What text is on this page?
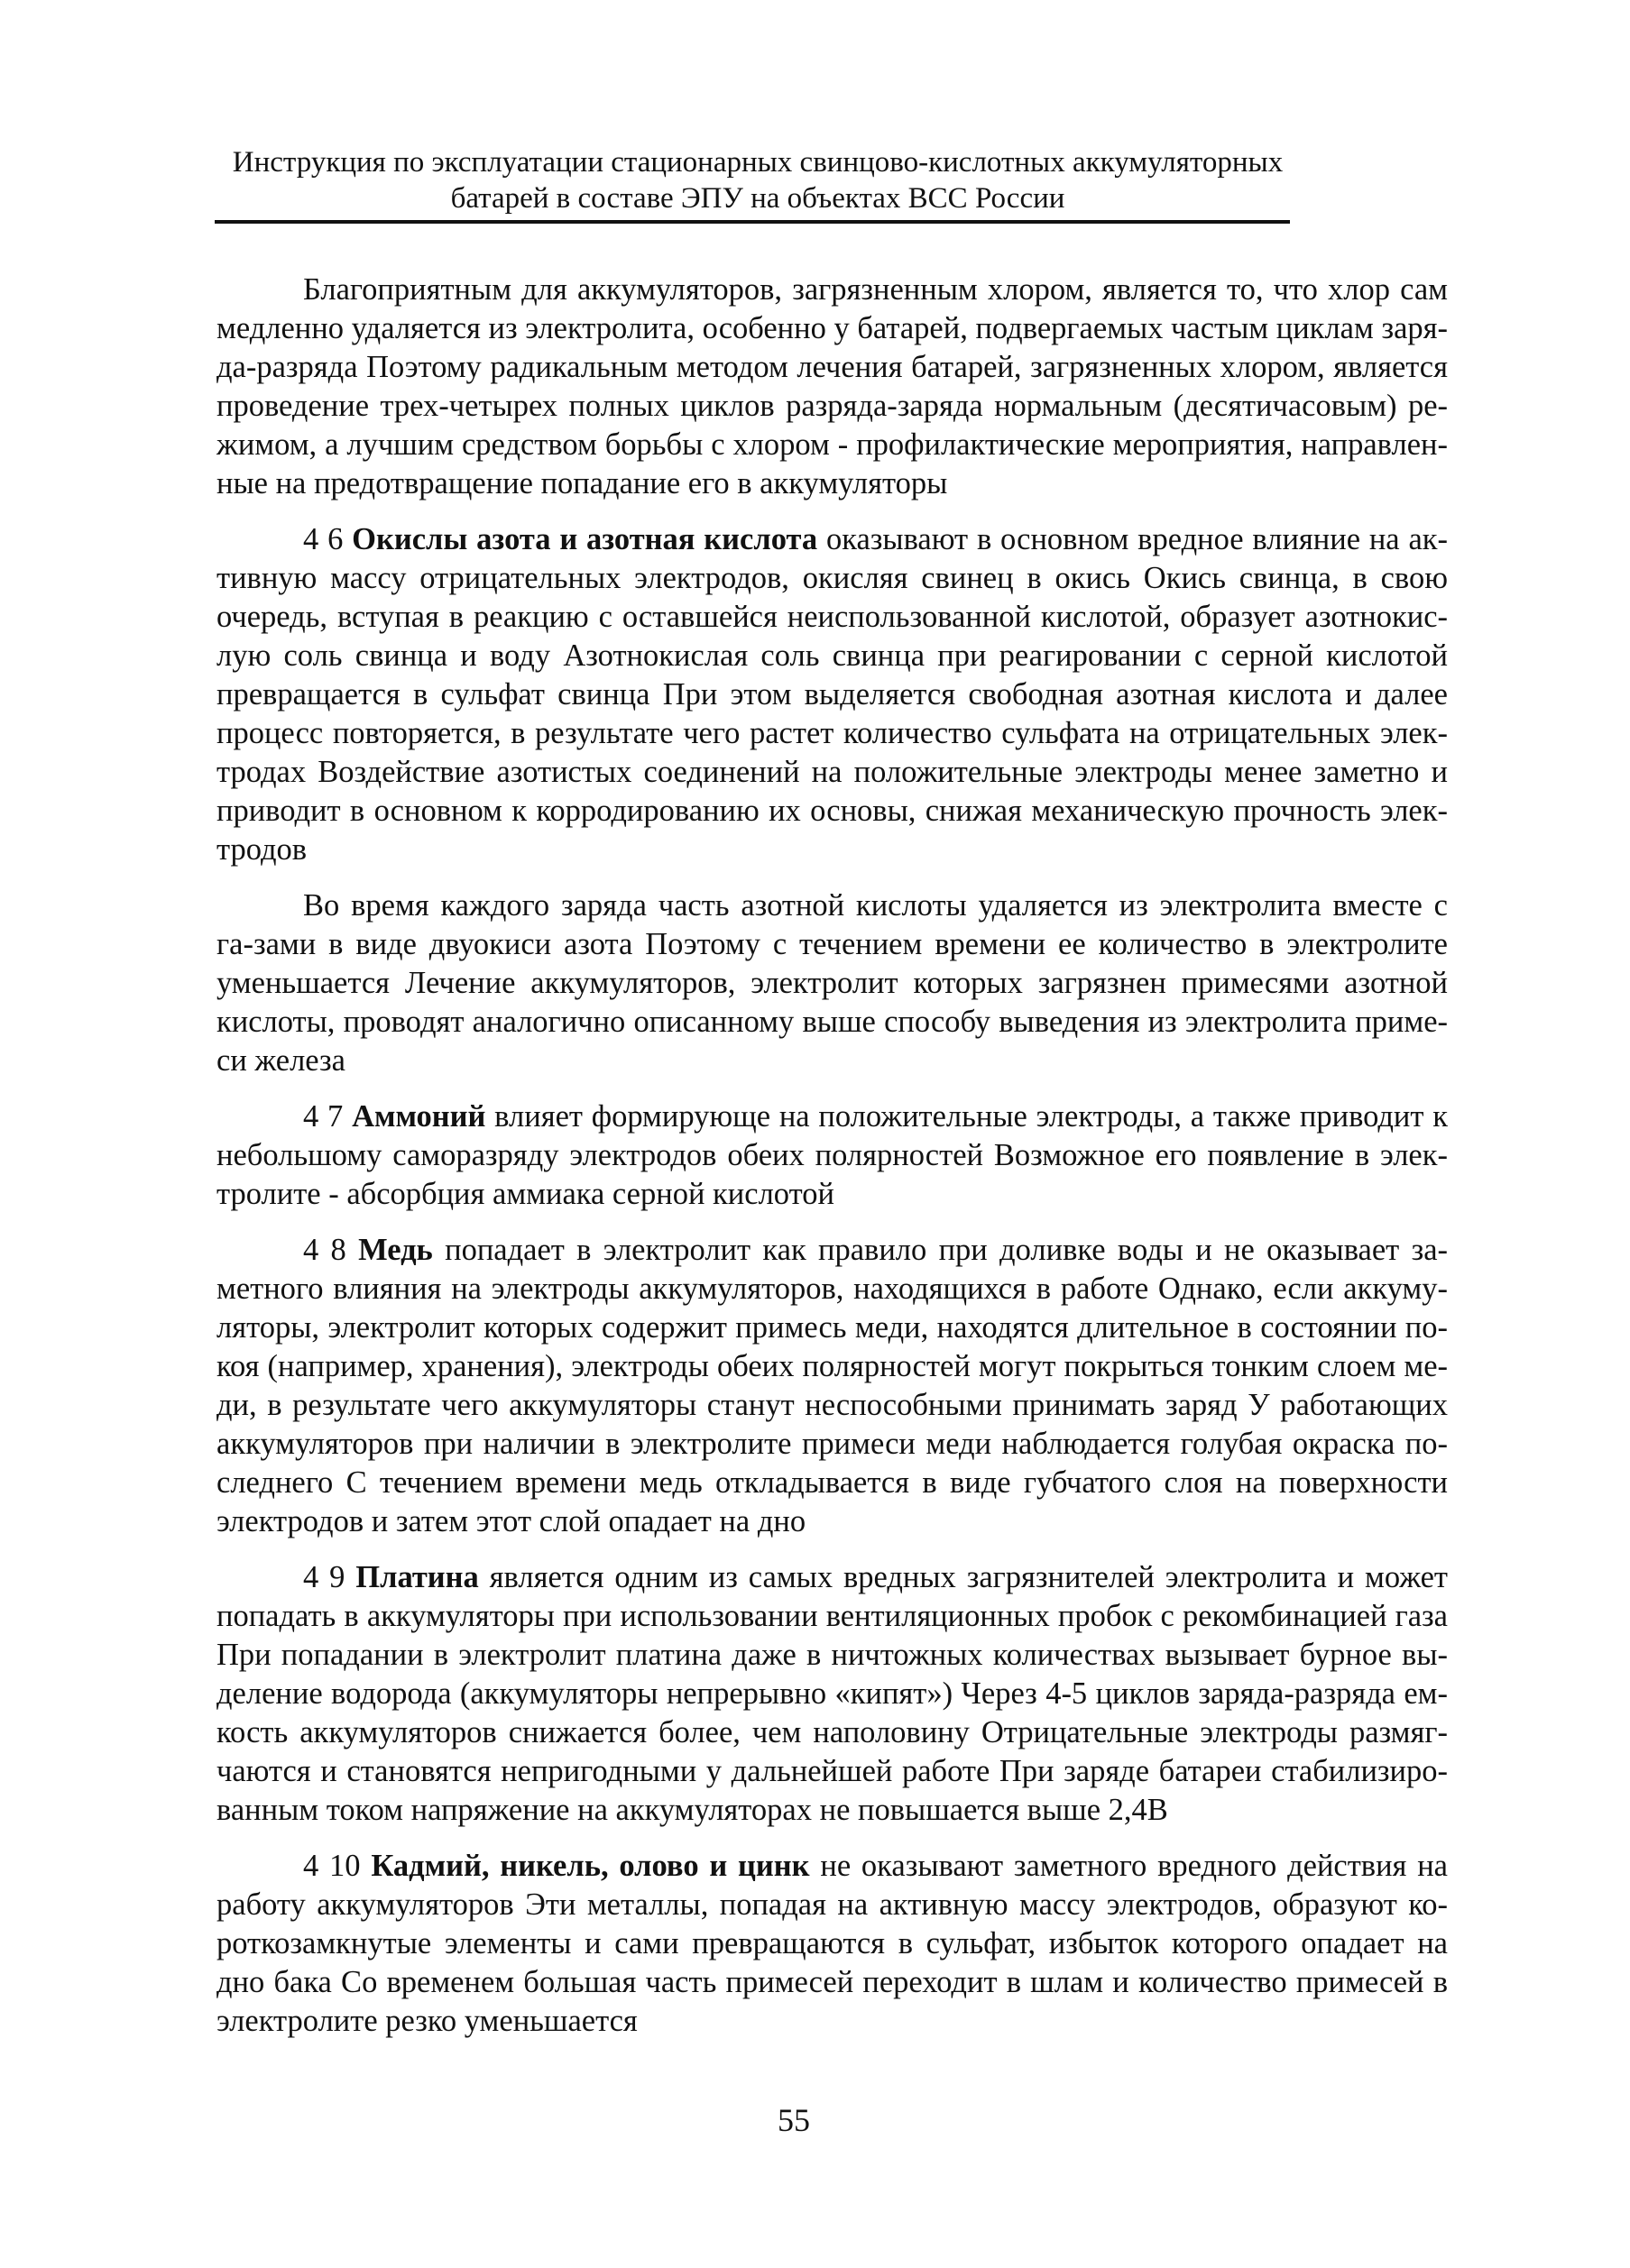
Инструкция по эксплуатации стационарных свинцово-кислотных аккумуляторных
батарей в составе ЭПУ на объектах ВСС России

Благоприятным для аккумуляторов, загрязненным хлором, является то, что хлор сам медленно удаляется из электролита, особенно у батарей, подвергаемых частым циклам заря-да-разряда Поэтому радикальным методом лечения батарей, загрязненных хлором, является проведение трех-четырех полных циклов разряда-заряда нормальным (десятичасовым) ре-жимом, а лучшим средством борьбы с хлором - профилактические мероприятия, направлен-ные на предотвращение попадание его в аккумуляторы

4 6 Окислы азота и азотная кислота оказывают в основном вредное влияние на ак-тивную массу отрицательных электродов, окисляя свинец в окись Окись свинца, в свою очередь, вступая в реакцию с оставшейся неиспользованной кислотой, образует азотнокис-лую соль свинца и воду Азотнокислая соль свинца при реагировании с серной кислотой превращается в сульфат свинца При этом выделяется свободная азотная кислота и далее процесс повторяется, в результате чего растет количество сульфата на отрицательных элек-тродах Воздействие азотистых соединений на положительные электроды менее заметно и приводит в основном к корродированию их основы, снижая механическую прочность элек-тродов

Во время каждого заряда часть азотной кислоты удаляется из электролита вместе с га-зами в виде двуокиси азота Поэтому с течением времени ее количество в электролите уменьшается Лечение аккумуляторов, электролит которых загрязнен примесями азотной кислоты, проводят аналогично описанному выше способу выведения из электролита приме-си железа

4 7 Аммоний влияет формирующе на положительные электроды, а также приводит к небольшому саморазряду электродов обеих полярностей Возможное его появление в элек-тролите - абсорбция аммиака серной кислотой

4 8 Медь попадает в электролит как правило при доливке воды и не оказывает за-метного влияния на электроды аккумуляторов, находящихся в работе Однако, если аккуму-ляторы, электролит которых содержит примесь меди, находятся длительное в состоянии по-коя (например, хранения), электроды обеих полярностей могут покрыться тонким слоем ме-ди, в результате чего аккумуляторы станут неспособными принимать заряд У работающих аккумуляторов при наличии в электролите примеси меди наблюдается голубая окраска по-следнего С течением времени медь откладывается в виде губчатого слоя на поверхности электродов и затем этот слой опадает на дно

4 9 Платина является одним из самых вредных загрязнителей электролита и может попадать в аккумуляторы при использовании вентиляционных пробок с рекомбинацией газа При попадании в электролит платина даже в ничтожных количествах вызывает бурное вы-деление водорода (аккумуляторы непрерывно «кипят») Через 4-5 циклов заряда-разряда ем-кость аккумуляторов снижается более, чем наполовину Отрицательные электроды размяг-чаются и становятся непригодными у дальнейшей работе При заряде батареи стабилизиро-ванным током напряжение на аккумуляторах не повышается выше 2,4В

4 10 Кадмий, никель, олово и цинк не оказывают заметного вредного действия на работу аккумуляторов Эти металлы, попадая на активную массу электродов, образуют ко-роткозамкнутые элементы и сами превращаются в сульфат, избыток которого опадает на дно бака Со временем большая часть примесей переходит в шлам и количество примесей в электролите резко уменьшается

55
